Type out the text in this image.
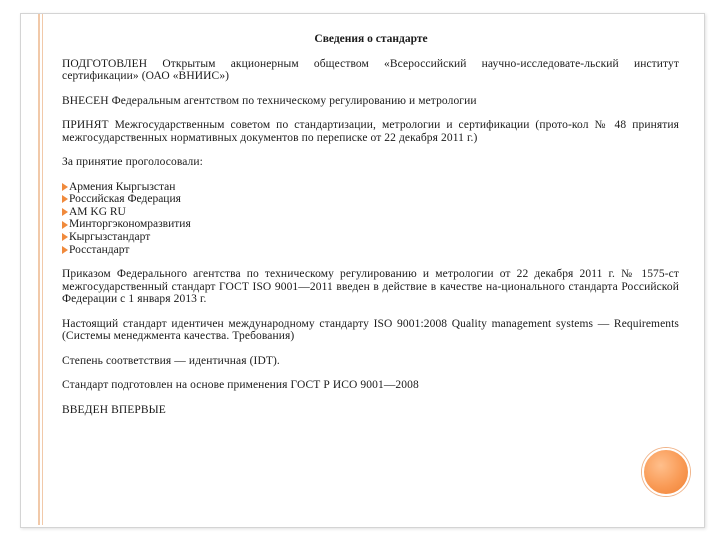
Сведения о стандарте
ПОДГОТОВЛЕН Открытым акционерным обществом «Всероссийский научно-исследовате-льский институт сертификации» (ОАО «ВНИИС»)
ВНЕСЕН Федеральным агентством по техническому регулированию и метрологии
ПРИНЯТ Межгосударственным советом по стандартизации, метрологии и сертификации (прото-кол № 48 принятия межгосударственных нормативных документов по переписке от 22 декабря 2011 г.)
За принятие проголосовали:
Армения Кыргызстан
Российская Федерация
AM KG RU
Минторгэкономразвития
Кыргызстандарт
Росстандарт
Приказом Федерального агентства по техническому регулированию и метрологии от 22 декабря 2011 г. № 1575-ст межгосударственный стандарт ГОСТ ISO 9001—2011 введен в действие в качестве на-ционального стандарта Российской Федерации с 1 января 2013 г.
Настоящий стандарт идентичен международному стандарту ISO 9001:2008 Quality management systems — Requirements (Системы менеджмента качества. Требования)
Степень соответствия — идентичная (IDT).
Стандарт подготовлен на основе применения ГОСТ Р ИСО 9001—2008
ВВЕДЕН ВПЕРВЫЕ
